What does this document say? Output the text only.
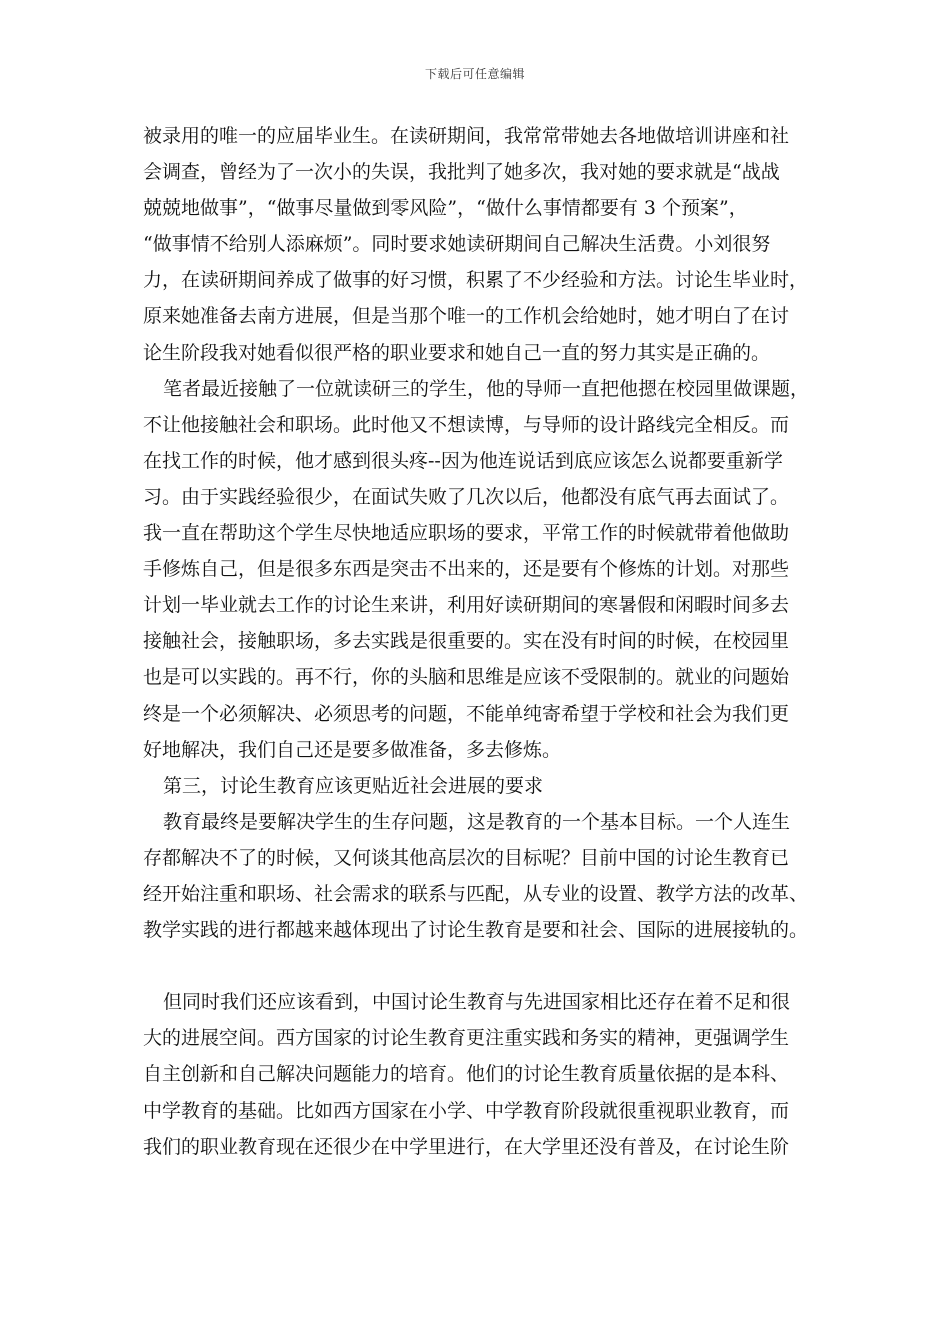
下载后可任意编辑
被录用的唯一的应届毕业生。在读研期间，我常常带她去各地做培训讲座和社
会调查，曾经为了一次小的失误，我批判了她多次，我对她的要求就是“战战
兢兢地做事”，“做事尽量做到零风险”，“做什么事情都要有 3 个预案”，
“做事情不给别人添麻烦”。同时要求她读研期间自己解决生活费。小刘很努
力，在读研期间养成了做事的好习惯，积累了不少经验和方法。讨论生毕业时，
原来她准备去南方进展，但是当那个唯一的工作机会给她时，她才明白了在讨
论生阶段我对她看似很严格的职业要求和她自己一直的努力其实是正确的。
笔者最近接触了一位就读研三的学生，他的导师一直把他摁在校园里做课题，
不让他接触社会和职场。此时他又不想读博，与导师的设计路线完全相反。而
在找工作的时候，他才感到很头疼--因为他连说话到底应该怎么说都要重新学
习。由于实践经验很少，在面试失败了几次以后，他都没有底气再去面试了。
我一直在帮助这个学生尽快地适应职场的要求，平常工作的时候就带着他做助
手修炼自己，但是很多东西是突击不出来的，还是要有个修炼的计划。对那些
计划一毕业就去工作的讨论生来讲，利用好读研期间的寒暑假和闲暇时间多去
接触社会，接触职场，多去实践是很重要的。实在没有时间的时候，在校园里
也是可以实践的。再不行，你的头脑和思维是应该不受限制的。就业的问题始
终是一个必须解决、必须思考的问题，不能单纯寄希望于学校和社会为我们更
好地解决，我们自己还是要多做准备，多去修炼。
第三，讨论生教育应该更贴近社会进展的要求
教育最终是要解决学生的生存问题，这是教育的一个基本目标。一个人连生
存都解决不了的时候，又何谈其他高层次的目标呢？目前中国的讨论生教育已
经开始注重和职场、社会需求的联系与匹配，从专业的设置、教学方法的改革、
教学实践的进行都越来越体现出了讨论生教育是要和社会、国际的进展接轨的。
但同时我们还应该看到，中国讨论生教育与先进国家相比还存在着不足和很
大的进展空间。西方国家的讨论生教育更注重实践和务实的精神，更强调学生
自主创新和自己解决问题能力的培育。他们的讨论生教育质量依据的是本科、
中学教育的基础。比如西方国家在小学、中学教育阶段就很重视职业教育，而
我们的职业教育现在还很少在中学里进行，在大学里还没有普及，在讨论生阶
